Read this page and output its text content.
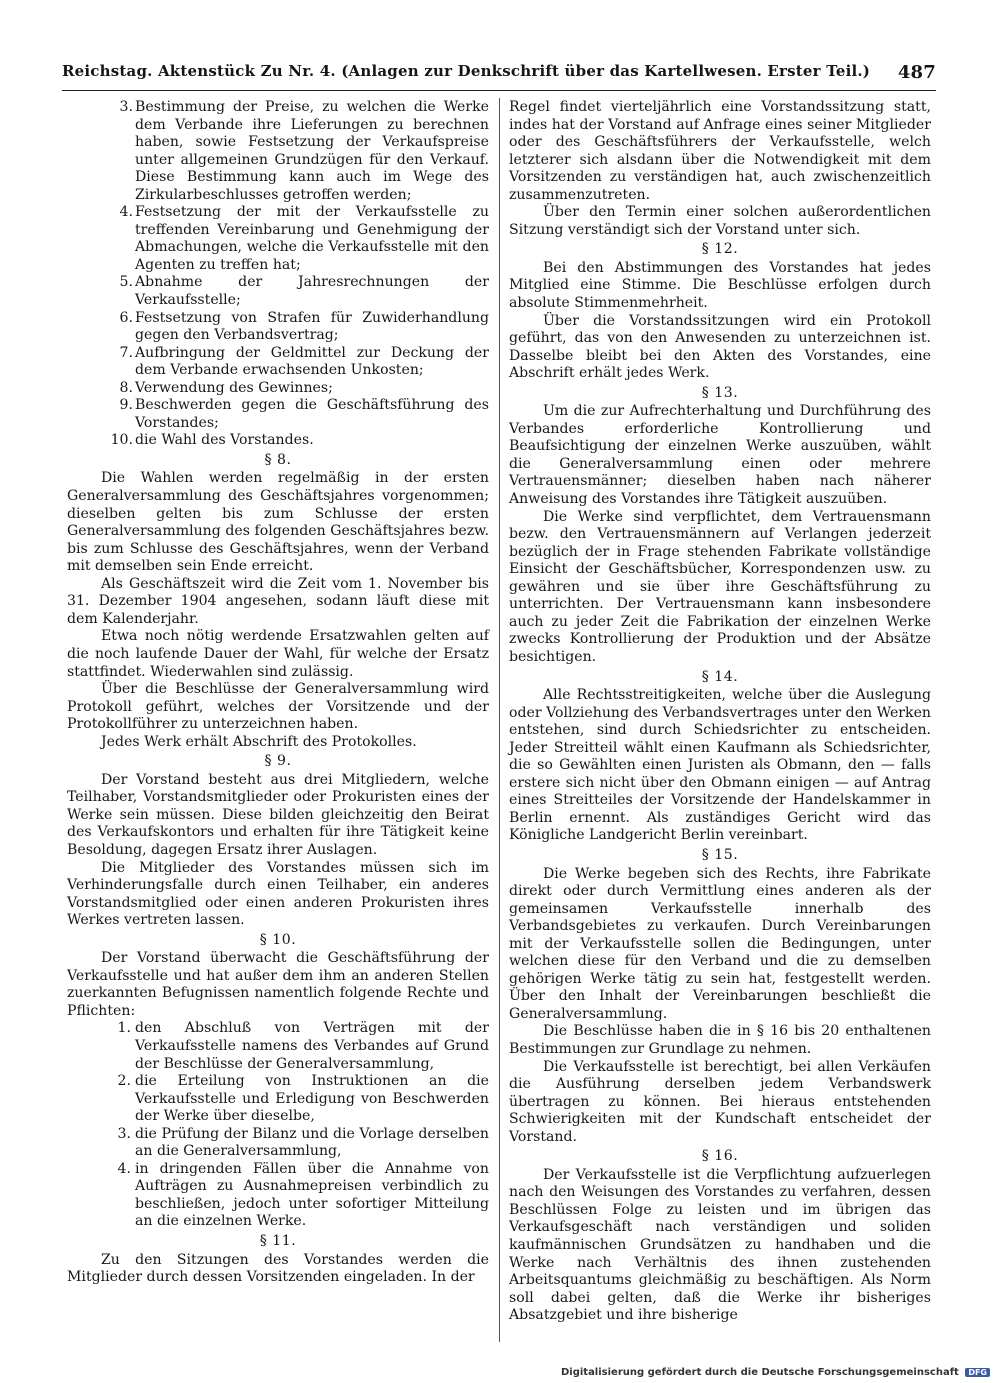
Reichstag. Aktenstück Zu Nr. 4. (Anlagen zur Denkschrift über das Kartellwesen. Erster Teil.) 487
3. Bestimmung der Preise, zu welchen die Werke dem Verbande ihre Lieferungen zu berechnen haben, sowie Festsetzung der Verkaufspreise unter allgemeinen Grundzügen für den Verkauf. Diese Bestimmung kann auch im Wege des Zirkularbeschlusses getroffen werden;
4. Festsetzung der mit der Verkaufsstelle zu treffenden Vereinbarung und Genehmigung der Abmachungen, welche die Verkaufsstelle mit den Agenten zu treffen hat;
5. Abnahme der Jahresrechnungen der Verkaufsstelle;
6. Festsetzung von Strafen für Zuwiderhandlung gegen den Verbandsvertrag;
7. Aufbringung der Geldmittel zur Deckung der dem Verbande erwachsenden Unkosten;
8. Verwendung des Gewinnes;
9. Beschwerden gegen die Geschäftsführung des Vorstandes;
10. die Wahl des Vorstandes.
§ 8.

Die Wahlen werden regelmäßig in der ersten Generalversammlung des Geschäftsjahres vorgenommen; dieselben gelten bis zum Schlusse der ersten Generalversammlung des folgenden Geschäftsjahres bezw. bis zum Schlusse des Geschäftsjahres, wenn der Verband mit demselben sein Ende erreicht.

Als Geschäftszeit wird die Zeit vom 1. November bis 31. Dezember 1904 angesehen, sodann läuft diese mit dem Kalenderjahr.

Etwa noch nötig werdende Ersatzwahlen gelten auf die noch laufende Dauer der Wahl, für welche der Ersatz stattfindet. Wiederwahlen sind zulässig.

Über die Beschlüsse der Generalversammlung wird Protokoll geführt, welches der Vorsitzende und der Protokollführer zu unterzeichnen haben.

Jedes Werk erhält Abschrift des Protokolles.

§ 9.

Der Vorstand besteht aus drei Mitgliedern, welche Teilhaber, Vorstandsmitglieder oder Prokuristen eines der Werke sein müssen. Diese bilden gleichzeitig den Beirat des Verkaufskontors und erhalten für ihre Tätigkeit keine Besoldung, dagegen Ersatz ihrer Auslagen.

Die Mitglieder des Vorstandes müssen sich im Verhinderungsfalle durch einen Teilhaber, ein anderes Vorstandsmitglied oder einen anderen Prokuristen ihres Werkes vertreten lassen.

§ 10.

Der Vorstand überwacht die Geschäftsführung der Verkaufsstelle und hat außer dem ihm an anderen Stellen zuerkannten Befugnissen namentlich folgende Rechte und Pflichten:

1. den Abschluß von Verträgen mit der Verkaufsstelle namens des Verbandes auf Grund der Beschlüsse der Generalversammlung,
2. die Erteilung von Instruktionen an die Verkaufsstelle und Erledigung von Beschwerden der Werke über dieselbe,
3. die Prüfung der Bilanz und die Vorlage derselben an die Generalversammlung,
4. in dringenden Fällen über die Annahme von Aufträgen zu Ausnahmepreisen verbindlich zu beschließen, jedoch unter sofortiger Mitteilung an die einzelnen Werke.
§ 11.

Zu den Sitzungen des Vorstandes werden die Mitglieder durch dessen Vorsitzenden eingeladen. In der

Regel findet vierteljährlich eine Vorstandssitzung statt, indes hat der Vorstand auf Anfrage eines seiner Mitglieder oder des Geschäftsführers der Verkaufsstelle, welch letzterer sich alsdann über die Notwendigkeit mit dem Vorsitzenden zu verständigen hat, auch zwischenzeitlich zusammenzutreten.

Über den Termin einer solchen außerordentlichen Sitzung verständigt sich der Vorstand unter sich.

§ 12.

Bei den Abstimmungen des Vorstandes hat jedes Mitglied eine Stimme. Die Beschlüsse erfolgen durch absolute Stimmenmehrheit.

Über die Vorstandssitzungen wird ein Protokoll geführt, das von den Anwesenden zu unterzeichnen ist. Dasselbe bleibt bei den Akten des Vorstandes, eine Abschrift erhält jedes Werk.

§ 13.

Um die zur Aufrechterhaltung und Durchführung des Verbandes erforderliche Kontrollierung und Beaufsichtigung der einzelnen Werke auszuüben, wählt die Generalversammlung einen oder mehrere Vertrauensmänner; dieselben haben nach näherer Anweisung des Vorstandes ihre Tätigkeit auszuüben.

Die Werke sind verpflichtet, dem Vertrauensmann bezw. den Vertrauensmännern auf Verlangen jederzeit bezüglich der in Frage stehenden Fabrikate vollständige Einsicht der Geschäftsbücher, Korrespondenzen usw. zu gewähren und sie über ihre Geschäftsführung zu unterrichten. Der Vertrauensmann kann insbesondere auch zu jeder Zeit die Fabrikation der einzelnen Werke zwecks Kontrollierung der Produktion und der Absätze besichtigen.

§ 14.

Alle Rechtsstreitigkeiten, welche über die Auslegung oder Vollziehung des Verbandsvertrages unter den Werken entstehen, sind durch Schiedsrichter zu entscheiden. Jeder Streitteil wählt einen Kaufmann als Schiedsrichter, die so Gewählten einen Juristen als Obmann, den — falls erstere sich nicht über den Obmann einigen — auf Antrag eines Streitteiles der Vorsitzende der Handelskammer in Berlin ernennt. Als zuständiges Gericht wird das Königliche Landgericht Berlin vereinbart.

§ 15.

Die Werke begeben sich des Rechts, ihre Fabrikate direkt oder durch Vermittlung eines anderen als der gemeinsamen Verkaufsstelle innerhalb des Verbandsgebietes zu verkaufen. Durch Vereinbarungen mit der Verkaufsstelle sollen die Bedingungen, unter welchen diese für den Verband und die zu demselben gehörigen Werke tätig zu sein hat, festgestellt werden. Über den Inhalt der Vereinbarungen beschließt die Generalversammlung.

Die Beschlüsse haben die in § 16 bis 20 enthaltenen Bestimmungen zur Grundlage zu nehmen.

Die Verkaufsstelle ist berechtigt, bei allen Verkäufen die Ausführung derselben jedem Verbandswerk übertragen zu können. Bei hieraus entstehenden Schwierigkeiten mit der Kundschaft entscheidet der Vorstand.

§ 16.

Der Verkaufsstelle ist die Verpflichtung aufzuerlegen nach den Weisungen des Vorstandes zu verfahren, dessen Beschlüssen Folge zu leisten und im übrigen das Verkaufsgeschäft nach verständigen und soliden kaufmännischen Grundsätzen zu handhaben und die Werke nach Verhältnis des ihnen zustehenden Arbeitsquantums gleichmäßig zu beschäftigen. Als Norm soll dabei gelten, daß die Werke ihr bisheriges Absatzgebiet und ihre bisherige

Digitalisierung gefördert durch die Deutsche Forschungsgemeinschaft DFG
